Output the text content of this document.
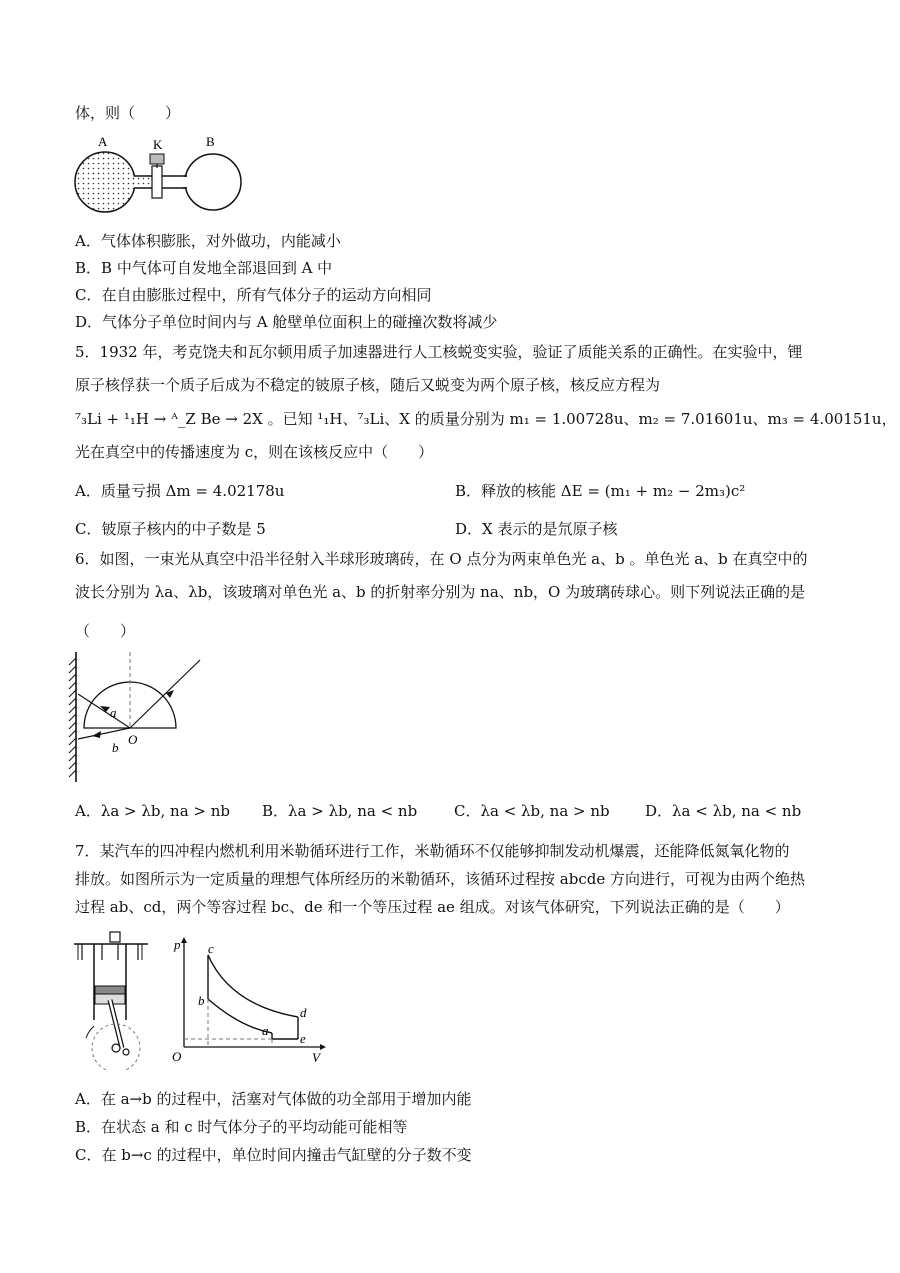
体，则（　　）
A	K	B
A．气体体积膨胀，对外做功，内能减小
B．B 中气体可自发地全部退回到 A 中
C．在自由膨胀过程中，所有气体分子的运动方向相同
D．气体分子单位时间内与 A 舱壁单位面积上的碰撞次数将减少
5．1932 年，考克饶夫和瓦尔顿用质子加速器进行人工核蜕变实验，验证了质能关系的正确性。在实验中，锂
原子核俘获一个质子后成为不稳定的铍原子核，随后又蜕变为两个原子核，核反应方程为
⁷₃Li + ¹₁H → ᴬ_Z Be → 2X 。已知 ¹₁H、⁷₃Li、X 的质量分别为 m₁ = 1.00728u、m₂ = 7.01601u、m₃ = 4.00151u，
光在真空中的传播速度为 c，则在该核反应中（　　）
A．质量亏损 Δm = 4.02178u	B．释放的核能 ΔE = (m₁ + m₂ − 2m₃)c²
C．铍原子核内的中子数是 5	D．X 表示的是氘原子核
6．如图，一束光从真空中沿半径射入半球形玻璃砖，在 O 点分为两束单色光 a、b 。单色光 a、b 在真空中的
波长分别为 λa、λb，该玻璃对单色光 a、b 的折射率分别为 na、nb，O 为玻璃砖球心。则下列说法正确的是
（　　）
a
b
O
A．λa > λb, na > nb B．λa > λb, na < nb C．λa < λb, na > nb D．λa < λb, na < nb
7．某汽车的四冲程内燃机利用米勒循环进行工作，米勒循环不仅能够抑制发动机爆震，还能降低氮氧化物的
排放。如图所示为一定质量的理想气体所经历的米勒循环，该循环过程按 abcde 方向进行，可视为由两个绝热
过程 ab、cd，两个等容过程 bc、de 和一个等压过程 ae 组成。对该气体研究，下列说法正确的是（　　）
p
V
O
c
b
a
d
e
A．在 a→b 的过程中，活塞对气体做的功全部用于增加内能
B．在状态 a 和 c 时气体分子的平均动能可能相等
C．在 b→c 的过程中，单位时间内撞击气缸壁的分子数不变
